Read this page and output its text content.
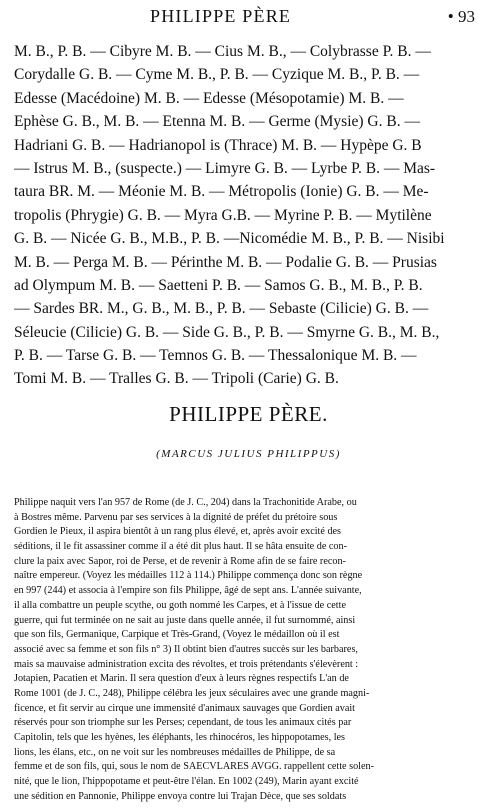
PHILIPPE PÈRE	• 93
M. B., P. B. — Cibyre M. B. — Cius M. B., — Colybrasse P. B. —
Corydalle G. B. — Cyme M. B., P. B. — Cyzique M. B., P. B. —
Edesse (Macédoine) M. B. — Edesse (Mésopotamie) M. B. —
Ephèse G. B., M. B. — Etenna M. B. — Germe (Mysie) G. B. —
Hadriani G. B. — Hadrianopol is (Thrace) M. B. — Hypèpe G. B
— Istrus M. B., (suspecte.) — Limyre G. B. — Lyrbe P. B. — Mas-
taura BR. M. — Méonie M. B. — Métropolis (Ionie) G. B. — Me-
tropolis (Phrygie) G. B. — Myra G.B. — Myrine P. B. — Mytilène
G. B. — Nicée G. B., M.B., P. B. —Nicomédie M. B., P. B. — Nisibi
M. B. — Perga M. B. — Périnthe M. B. — Podalie G. B. — Prusias
ad Olympum M. B. — Saetteni P. B. — Samos G. B., M. B., P. B.
— Sardes BR. M., G. B., M. B., P. B. — Sebaste (Cilicie) G. B. —
Séleucie (Cilicie) G. B. — Side G. B., P. B. — Smyrne G. B., M. B.,
P. B. — Tarse G. B. — Temnos G. B. — Thessalonique M. B. —
Tomi M. B. — Tralles G. B. — Tripoli (Carie) G. B.
PHILIPPE PÈRE.
(MARCUS JULIUS PHILIPPUS)
Philippe naquit vers l'an 957 de Rome (de J. C., 204) dans la Trachonitide Arabe, ou
à Bostres même. Parvenu par ses services à la dignité de préfet du prétoire sous
Gordien le Pieux, il aspira bientôt à un rang plus élevé, et, après avoir excité des
séditions, il le fit assassiner comme il a été dit plus haut. Il se hâta ensuite de con-
clure la paix avec Sapor, roi de Perse, et de revenir à Rome afin de se faire recon-
naître empereur. (Voyez les médailles 112 à 114.) Philippe commença donc son règne
en 997 (244) et associa à l'empire son fils Philippe, âgé de sept ans. L'année suivante,
il alla combattre un peuple scythe, ou goth nommé les Carpes, et à l'issue de cette
guerre, qui fut terminée on ne sait au juste dans quelle année, il fut surnommé, ainsi
que son fils, Germanique, Carpique et Très-Grand, (Voyez le médaillon où il est
associé avec sa femme et son fils n° 3) Il obtint bien d'autres succès sur les barbares,
mais sa mauvaise administration excita des révoltes, et trois prétendants s'élevèrent :
Jotapien, Pacatien et Marin. Il sera question d'eux à leurs règnes respectifs L'an de
Rome 1001 (de J. C., 248), Philippe célébra les jeux séculaires avec une grande magni-
ficence, et fit servir au cirque une immensité d'animaux sauvages que Gordien avait
réservés pour son triomphe sur les Perses; cependant, de tous les animaux cités par
Capitolin, tels que les hyènes, les éléphants, les rhinocéros, les hippopotames, les
lions, les élans, etc., on ne voit sur les nombreuses médailles de Philippe, de sa
femme et de son fils, qui, sous le nom de SAECVLARES AVGG. rappellent cette solen-
nité, que le lion, l'hippopotame et peut-être l'élan. En 1002 (249), Marin ayant excité
une sédition en Pannonie, Philippe envoya contre lui Trajan Dèce, que ses soldats
